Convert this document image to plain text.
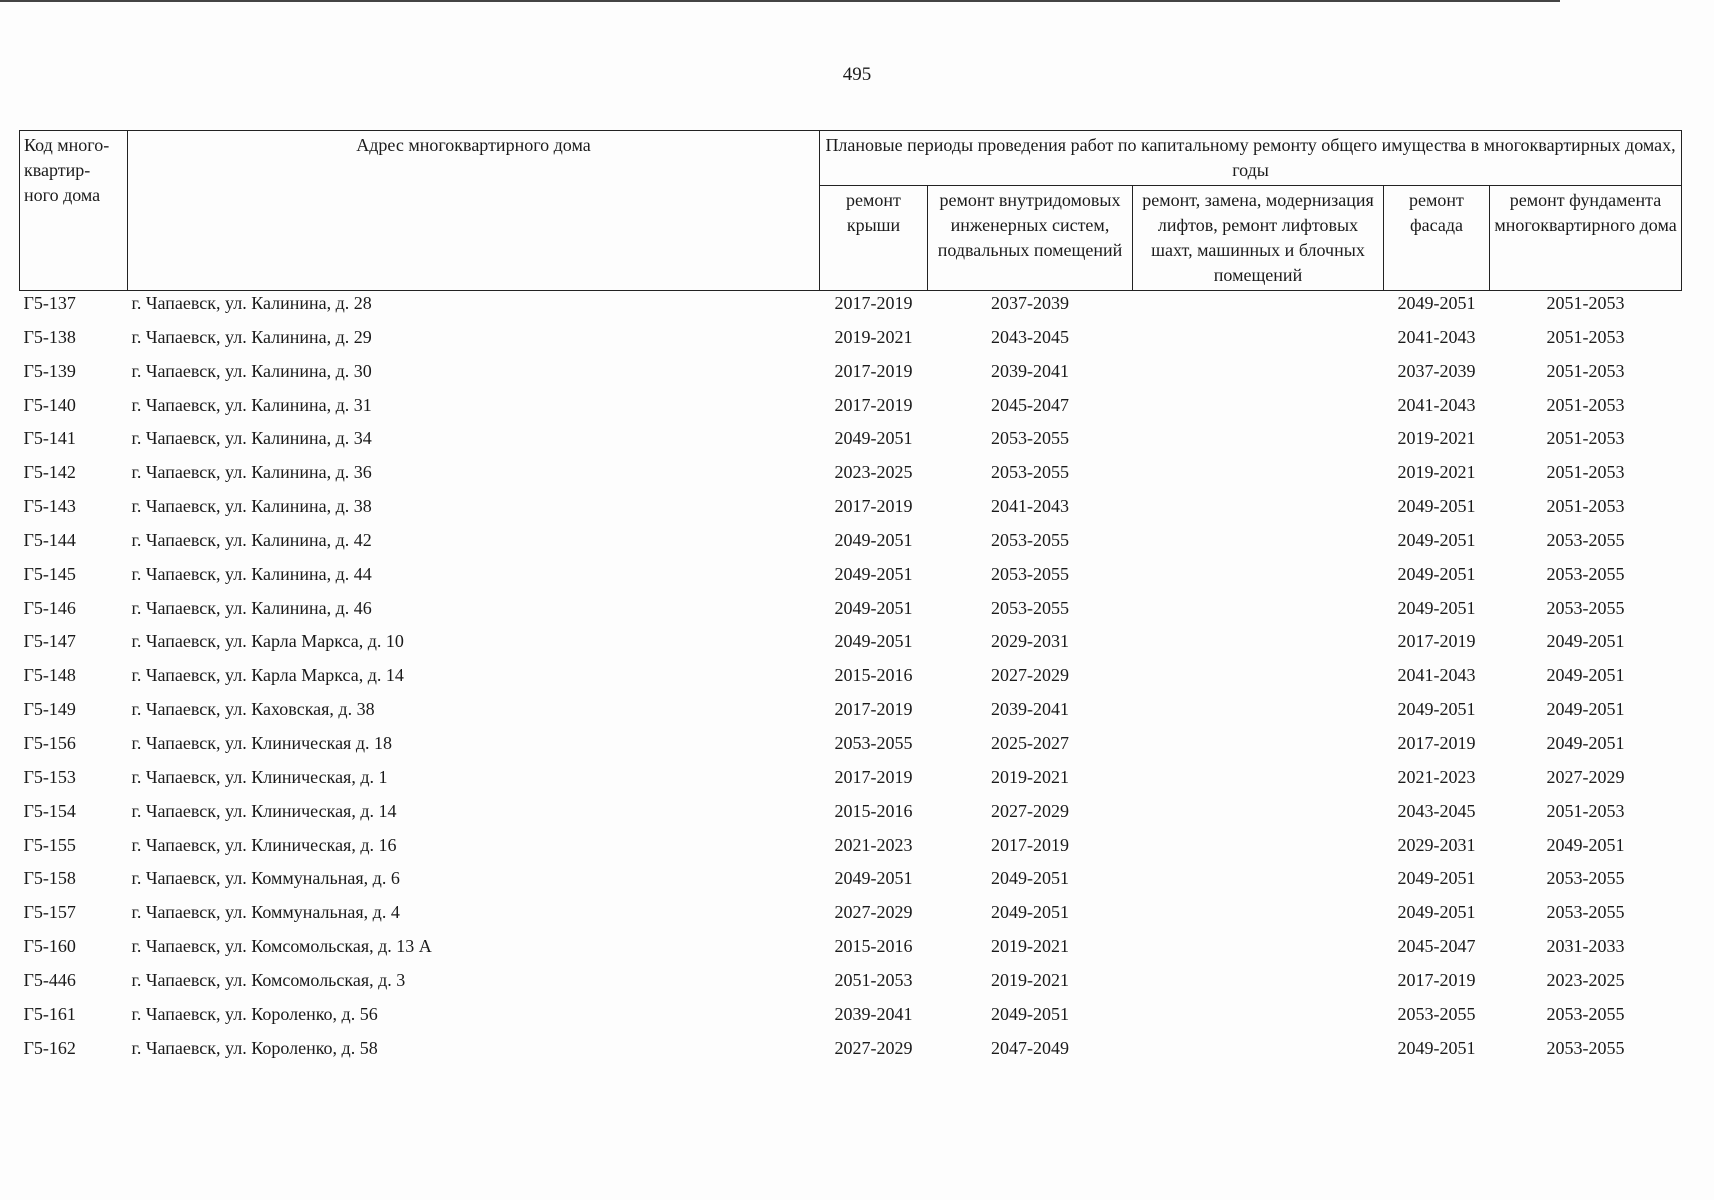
495
Код много-квартир-ного дома	Адрес многоквартирного дома	Плановые периоды проведения работ по капитальному ремонту общего имущества в многоквартирных домах, годы				
		ремонт крыши	ремонт внутридомовых инженерных систем, подвальных помещений	ремонт, замена, модернизация лифтов, ремонт лифтовых шахт, машинных и блочных помещений	ремонт фасада	ремонт фундамента многоквартирного дома
Г5-137	г. Чапаевск, ул. Калинина, д. 28	2017-2019	2037-2039		2049-2051	2051-2053
Г5-138	г. Чапаевск, ул. Калинина, д. 29	2019-2021	2043-2045		2041-2043	2051-2053
Г5-139	г. Чапаевск, ул. Калинина, д. 30	2017-2019	2039-2041		2037-2039	2051-2053
Г5-140	г. Чапаевск, ул. Калинина, д. 31	2017-2019	2045-2047		2041-2043	2051-2053
Г5-141	г. Чапаевск, ул. Калинина, д. 34	2049-2051	2053-2055		2019-2021	2051-2053
Г5-142	г. Чапаевск, ул. Калинина, д. 36	2023-2025	2053-2055		2019-2021	2051-2053
Г5-143	г. Чапаевск, ул. Калинина, д. 38	2017-2019	2041-2043		2049-2051	2051-2053
Г5-144	г. Чапаевск, ул. Калинина, д. 42	2049-2051	2053-2055		2049-2051	2053-2055
Г5-145	г. Чапаевск, ул. Калинина, д. 44	2049-2051	2053-2055		2049-2051	2053-2055
Г5-146	г. Чапаевск, ул. Калинина, д. 46	2049-2051	2053-2055		2049-2051	2053-2055
Г5-147	г. Чапаевск, ул. Карла Маркса, д. 10	2049-2051	2029-2031		2017-2019	2049-2051
Г5-148	г. Чапаевск, ул. Карла Маркса, д. 14	2015-2016	2027-2029		2041-2043	2049-2051
Г5-149	г. Чапаевск, ул. Каховская, д. 38	2017-2019	2039-2041		2049-2051	2049-2051
Г5-156	г. Чапаевск, ул. Клиническая д. 18	2053-2055	2025-2027		2017-2019	2049-2051
Г5-153	г. Чапаевск, ул. Клиническая, д. 1	2017-2019	2019-2021		2021-2023	2027-2029
Г5-154	г. Чапаевск, ул. Клиническая, д. 14	2015-2016	2027-2029		2043-2045	2051-2053
Г5-155	г. Чапаевск, ул. Клиническая, д. 16	2021-2023	2017-2019		2029-2031	2049-2051
Г5-158	г. Чапаевск, ул. Коммунальная, д. 6	2049-2051	2049-2051		2049-2051	2053-2055
Г5-157	г. Чапаевск, ул. Коммунальная, д. 4	2027-2029	2049-2051		2049-2051	2053-2055
Г5-160	г. Чапаевск, ул. Комсомольская, д. 13 А	2015-2016	2019-2021		2045-2047	2031-2033
Г5-446	г. Чапаевск, ул. Комсомольская, д. 3	2051-2053	2019-2021		2017-2019	2023-2025
Г5-161	г. Чапаевск, ул. Короленко, д. 56	2039-2041	2049-2051		2053-2055	2053-2055
Г5-162	г. Чапаевск, ул. Короленко, д. 58	2027-2029	2047-2049		2049-2051	2053-2055
